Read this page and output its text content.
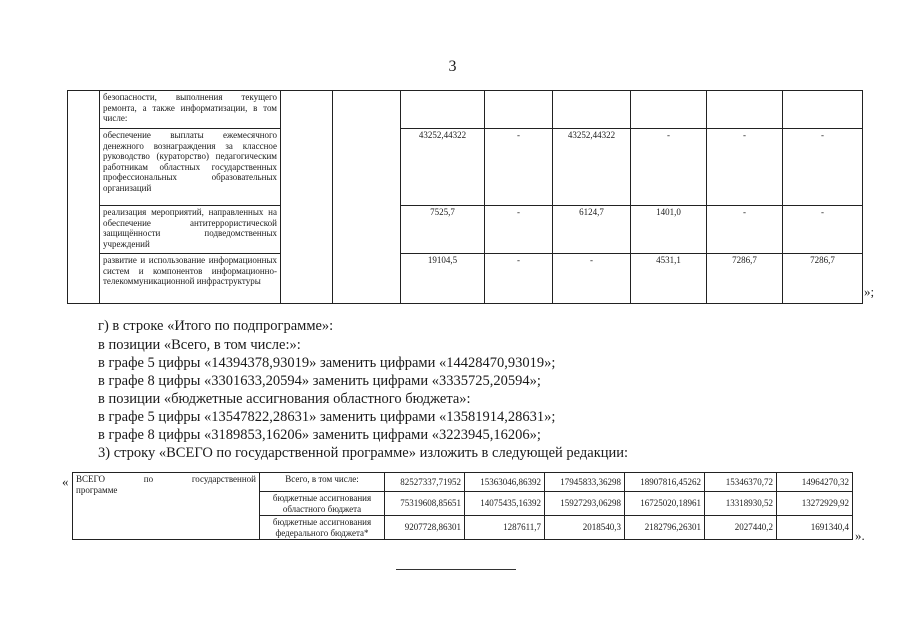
3
	безопасности, выполнения текущего ремонта, а также информатизации, в том числе:								
	обеспечение выплаты ежемесячного денежного вознаграждения за классное руководство (кураторство) педагогическим работникам областных государственных профессиональных образовательных организаций			43252,44322	-	43252,44322	-	-	-
	реализация мероприятий, направленных на обеспечение антитеррористической защищённости подведомственных учреждений			7525,7	-	6124,7	1401,0	-	-
	развитие и использование информационных систем и компонентов информационно-телекоммуникационной инфраструктуры			19104,5	-	-	4531,1	7286,7	7286,7
»;
г) в строке «Итого по подпрограмме»:
в позиции «Всего, в том числе:»:
в графе 5 цифры «14394378,93019» заменить цифрами «14428470,93019»;
в графе 8 цифры «3301633,20594» заменить цифрами «3335725,20594»;
в позиции «бюджетные ассигнования областного бюджета»:
в графе 5 цифры «13547822,28631» заменить цифрами «13581914,28631»;
в графе 8 цифры «3189853,16206» заменить цифрами «3223945,16206»;
3) строку «ВСЕГО по государственной программе» изложить в следующей редакции:
« ВСЕГО по государственной
программе	Всего, в том числе:	82527337,71952	15363046,86392	17945833,36298	18907816,45262	15346370,72	14964270,32
	бюджетные ассигнования областного бюджета	75319608,85651	14075435,16392	15927293,06298	16725020,18961	13318930,52	13272929,92
	бюджетные ассигнования федерального бюджета*	9207728,86301	1287611,7	2018540,3	2182796,26301	2027440,2	1691340,4
».
